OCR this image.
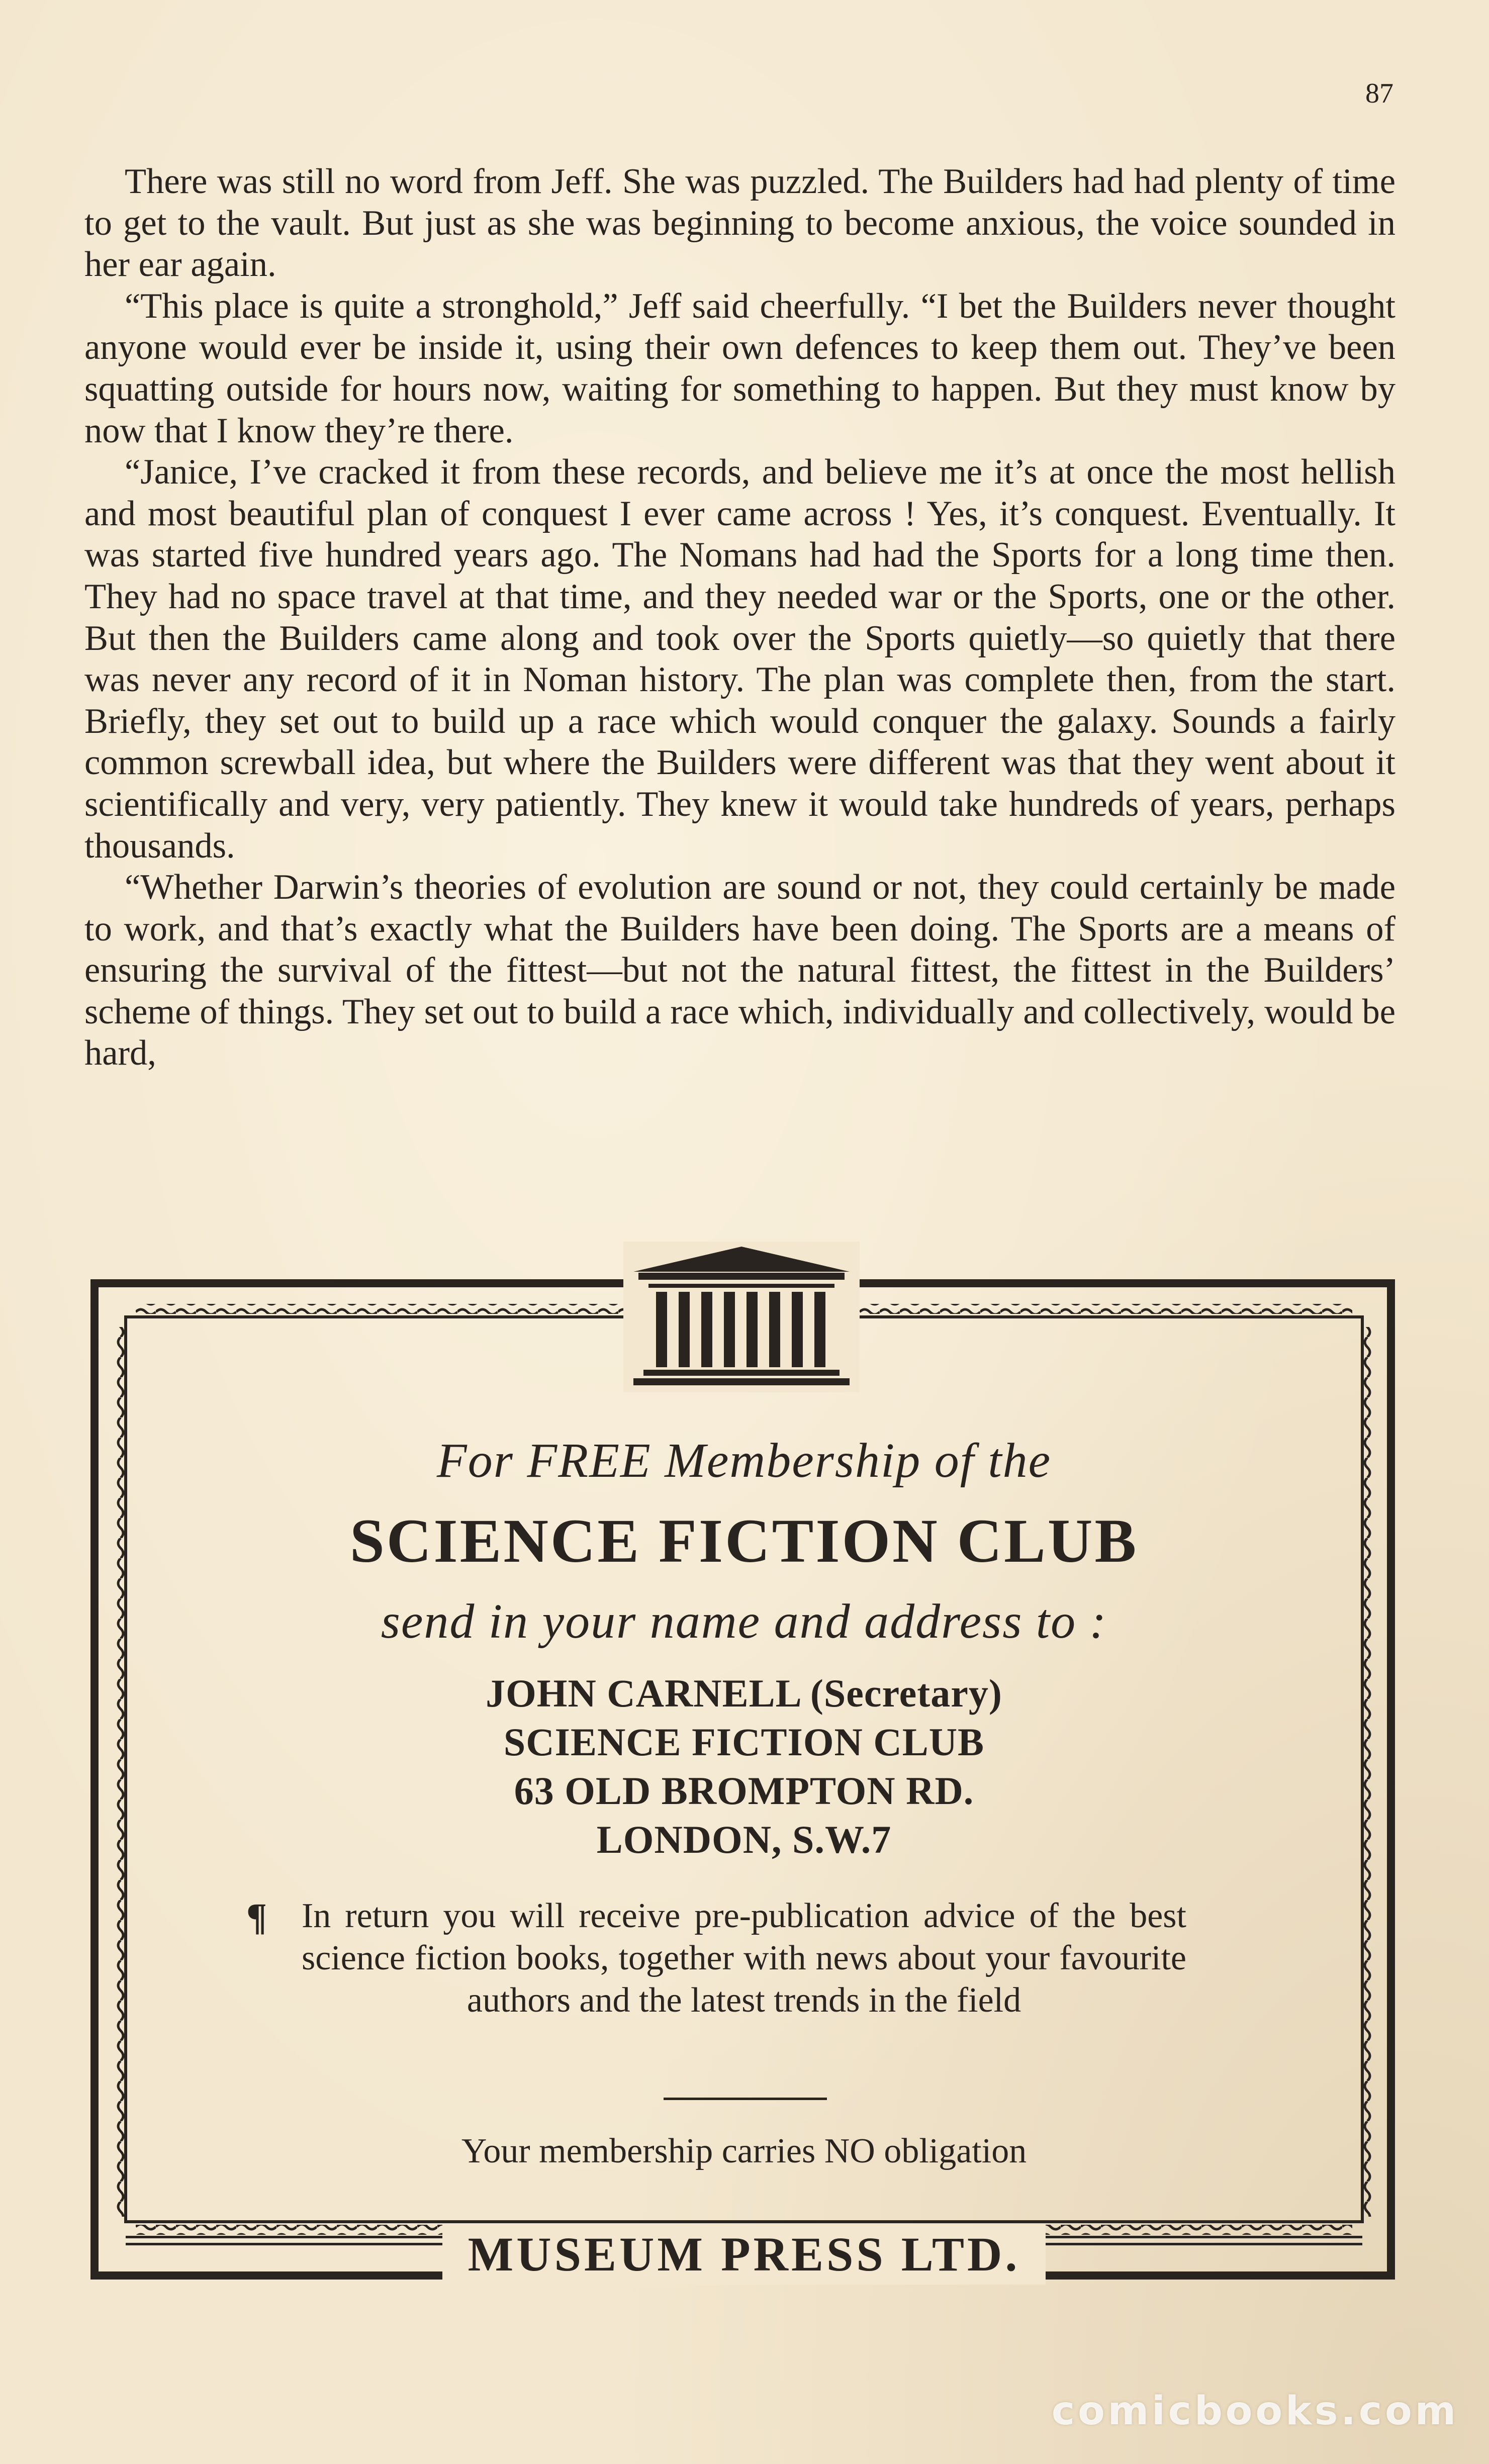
87

There was still no word from Jeff. She was puzzled. The Builders had had plenty of time to get to the vault. But just as she was beginning to become anxious, the voice sounded in her ear again.

“This place is quite a stronghold,” Jeff said cheerfully. “I bet the Builders never thought anyone would ever be inside it, using their own defences to keep them out. They’ve been squatting outside for hours now, waiting for something to happen. But they must know by now that I know they’re there.

“Janice, I’ve cracked it from these records, and believe me it’s at once the most hellish and most beautiful plan of conquest I ever came across ! Yes, it’s conquest. Eventually. It was started five hundred years ago. The Nomans had had the Sports for a long time then. They had no space travel at that time, and they needed war or the Sports, one or the other. But then the Builders came along and took over the Sports quietly—so quietly that there was never any record of it in Noman history. The plan was complete then, from the start. Briefly, they set out to build up a race which would conquer the galaxy. Sounds a fairly common screwball idea, but where the Builders were different was that they went about it scientifically and very, very patiently. They knew it would take hundreds of years, perhaps thousands.

“Whether Darwin’s theories of evolution are sound or not, they could certainly be made to work, and that’s exactly what the Builders have been doing. The Sports are a means of ensuring the survival of the fittest—but not the natural fittest, the fittest in the Builders’ scheme of things. They set out to build a race which, individually and collectively, would be hard,

For FREE Membership of the
SCIENCE FICTION CLUB
send in your name and address to :
JOHN CARNELL (Secretary)
SCIENCE FICTION CLUB
63 OLD BROMPTON RD.
LONDON, S.W.7
¶ In return you will receive pre-publication advice of the best science fiction books, together with news about your favourite authors and the latest trends in the field
Your membership carries NO obligation
MUSEUM PRESS LTD.
comicbooks.com
